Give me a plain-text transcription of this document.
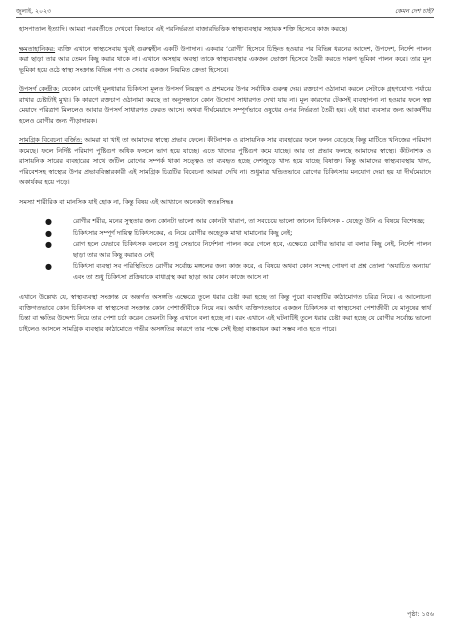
জুলাই, ২০২৩	কেমন দেশ চাই?

হাসপাতাল ইত্যাদি। আমরা পরবর্তীতে দেখবো কিভাবে এই পরনির্ভরতা বাজারভিত্তিক স্বাস্থ্যব্যবস্থার সহায়ক শক্তি হিসেবে কাজ করছে।

ক্ষমতাহানিকর: ব্যক্তি এখানে স্বাস্থ্যসেবায় খুবই গুরুত্বহীন একটি উপাদান। একবার ‘রোগী’ হিসেবে চিহ্নিত হওয়ার পর বিভিন্ন ধরনের আদেশ, উপদেশ, নির্দেশ পালন করা ছাড়া তার আর তেমন কিছু করার থাকে না। এখানে অসহায় অবস্থা তাকে স্বাস্থ্যব্যবস্থার একজন ভোক্তা হিসেবে তৈরী করতে দারুণ ভূমিকা পালন করে। তার মূল ভূমিকা হয়ে ওঠে স্বাস্থ্য সংক্রান্ত বিভিন্ন পণ্য ও সেবার একজন নিয়মিত ক্রেতা হিসেবে।

উপসর্গ কেন্দ্রীক: যেকোন রোগেই মূলধারার চিকিৎসা মূলত উপসর্গ নিয়ন্ত্রণ ও প্রশমনের উপর সর্বাধিক গুরুত্ব দেয়। রক্তচাপ ওঠানামা করলে সেটাকে গ্রহণযোগ্য পর্যায়ে রাখার চেষ্টাটাই মুখ্য। কি কারণে রক্তচাপ ওঠানামা করছে তা অনুসন্ধানে কোন উদ্যোগ সাধারণত দেখা যায় না। মূল কারণের টেকসই ব্যবস্থাপনা না হওয়ার ফলে স্বল্প মেয়াদে পরিত্রাণ মিললেও আবার উপসর্গ সাধারণত ফেরত আসে। অথবা দীর্ঘমেয়াদে সম্পূর্ণভাবে ওষুধের ওপর নির্ভরতা তৈরী হয়। এই ধারা ব্যবসার জন্য আকর্ষণীয় হলেও রোগীর জন্য পীড়াদায়ক।

সামগ্রিক বিবেচনা বর্জিত: আমরা যা খাই তা আমাদের স্বাস্থ্যে প্রভাব ফেলে। কীটনাশক ও রাসায়নিক সার ব্যবহারের ফলে ফলন বেড়েছে কিন্তু মাটিতে খনিজের পরিমাণ কমেছে। ফলে নির্দিষ্ট পরিমাণ পুষ্টিগুণ অধিক ফসলে ভাগ হয়ে যাচ্ছে। এতে খাদ্যের পুষ্টিগুণ কমে যাচ্ছে। আর তা প্রভাব ফলছে আমাদের স্বাস্থ্যে। কীটনাশক ও রাসায়নিক সারের ব্যবহারের সাথে জটিল রোগের সম্পর্ক থাকা সত্ত্বেও তা ব্যবহৃত হচ্ছে দেশজুড়ে খাদ্য হয়ে যাচ্ছে বিষাক্ত। কিন্তু আমাদের স্বাস্থ্যব্যবস্থায় খাদ্য, পরিবেশসহ স্বাস্থ্যের উপর প্রভাববিস্তারকারী এই সামগ্রিক চিত্রটির বিবেচনা আমরা দেখি না। শুধুমাত্র খন্ডিতভাবে রোগের চিকিৎসায় মনযোগ দেয়া হয় যা দীর্ঘমেয়াদে অকার্যকর হয়ে পড়ে।

সমস্যা শারীরিক বা মানসিক যাই হোক না, কিন্তু বিষয় এই আখ্যানে অনেকটা স্বতঃসিদ্ধঃ

●	রোগীর শরীর, মনের সুস্থতার জন্য কোনটা ভালো আর কোনটা খারাপ, তা সবচেয়ে ভালো জানেন চিকিৎসক - যেহেতু উনি এ বিষয়ে বিশেষজ্ঞ;
●	চিকিৎসার সম্পূর্ণ দায়িত্ব চিকিৎসকের, এ নিয়ে রোগীর অহেতুক মাথা ঘামানোর কিছু নেই;
●	রোগ হলে যেভাবে চিকিৎসক বলবেন শুধু সেভাবে নির্দেশনা পালন করে গেলে হবে, এক্ষেত্রে রোগীর ভাবার বা বলার কিছু নেই, নির্দেশ পালন ছাড়া তার আর কিছু করারও নেই
●	চিকিৎসা ব্যবস্থা সব পরিস্থিতিতে রোগীর সর্বোচ্চ মঙ্গলের জন্য কাজ করে, এ বিষয়ে অথবা কোন সন্দেহ পোষণ বা প্রশ্ন তোলা ‘অযাচিত অন্যায়’ এবং তা শুধু চিকিৎসা প্রক্রিয়াকে বাধাগ্রস্থ করা ছাড়া আর কোন কাজে আসে না

এখানে উল্লেখ্য যে, স্বাস্থ্যব্যবস্থা সংক্রান্ত যে অন্তর্গত অসঙ্গতি এক্ষেত্রে তুলে ধরার চেষ্টা করা হচ্ছে তা কিন্তু পুরো ব্যবস্থাটির কাঠামোগত চরিত্র নিয়ে। এ আলোচনা ব্যক্তিগতভাবে কোন চিকিৎসক বা স্বাস্থ্যসেবা সংক্রান্ত কোন পেশাজীবীকে নিয়ে নয়। অর্থাৎ ব্যক্তিগতভাবে একজন চিকিৎসক বা স্বাস্থ্যসেবা পেশাজীবী যে মানুষের স্বার্থ চিন্তা বা ক্ষতির উদ্দেশ্য নিয়ে তার পেশা চর্চা করেন তেমনটা কিন্তু এখানে বলা হচ্ছে না। বরং এখানে এই ঘটনাটিই তুলে ধরার চেষ্টা করা হচ্ছে যে রোগীর সর্বোচ্চ ভালো চাইলেও আসলে সামগ্রিক ব্যবস্থার কাঠামোতে গভীর অসঙ্গতির কারণে তার পক্ষে সেই ইচ্ছা বাস্তবায়ন করা সম্ভব নাও হতে পারে।

পৃষ্ঠা: ১৫৬
